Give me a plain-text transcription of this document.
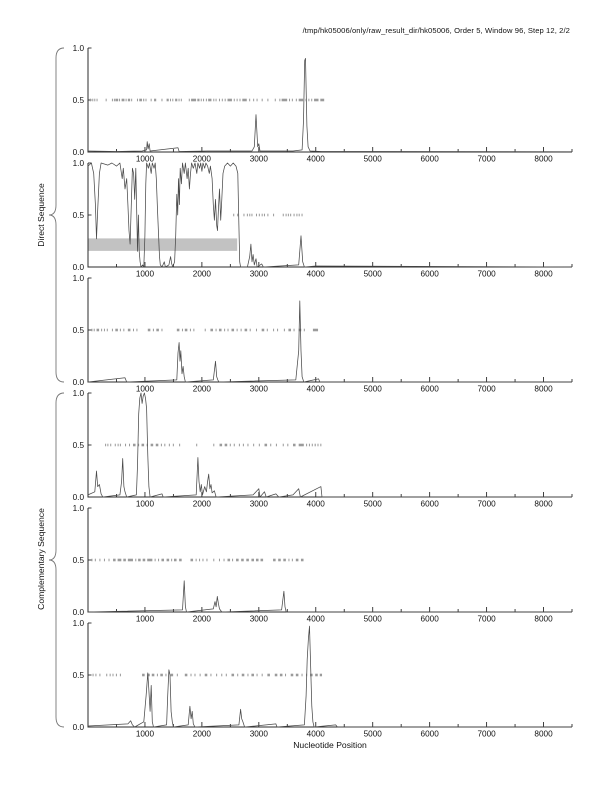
/tmp/hk05006/only/raw_result_dir/hk05006, Order 5, Window 96, Step 12, 2/2
0.0
0.5
1.0
1000	2000	3000	4000	5000	6000	7000	8000
0.0
0.5
1.0
1000	2000	3000	4000	5000	6000	7000	8000
0.0
0.5
1.0
1000	2000	3000	4000	5000	6000	7000	8000
0.0
0.5
1.0
1000	2000	3000	4000	5000	6000	7000	8000
0.0
0.5
1.0
1000	2000	3000	4000	5000	6000	7000	8000
0.0
0.5
1.0
1000	2000	3000	4000	5000	6000	7000	8000
Direct Sequence
Complementary Sequence
Nucleotide Position
